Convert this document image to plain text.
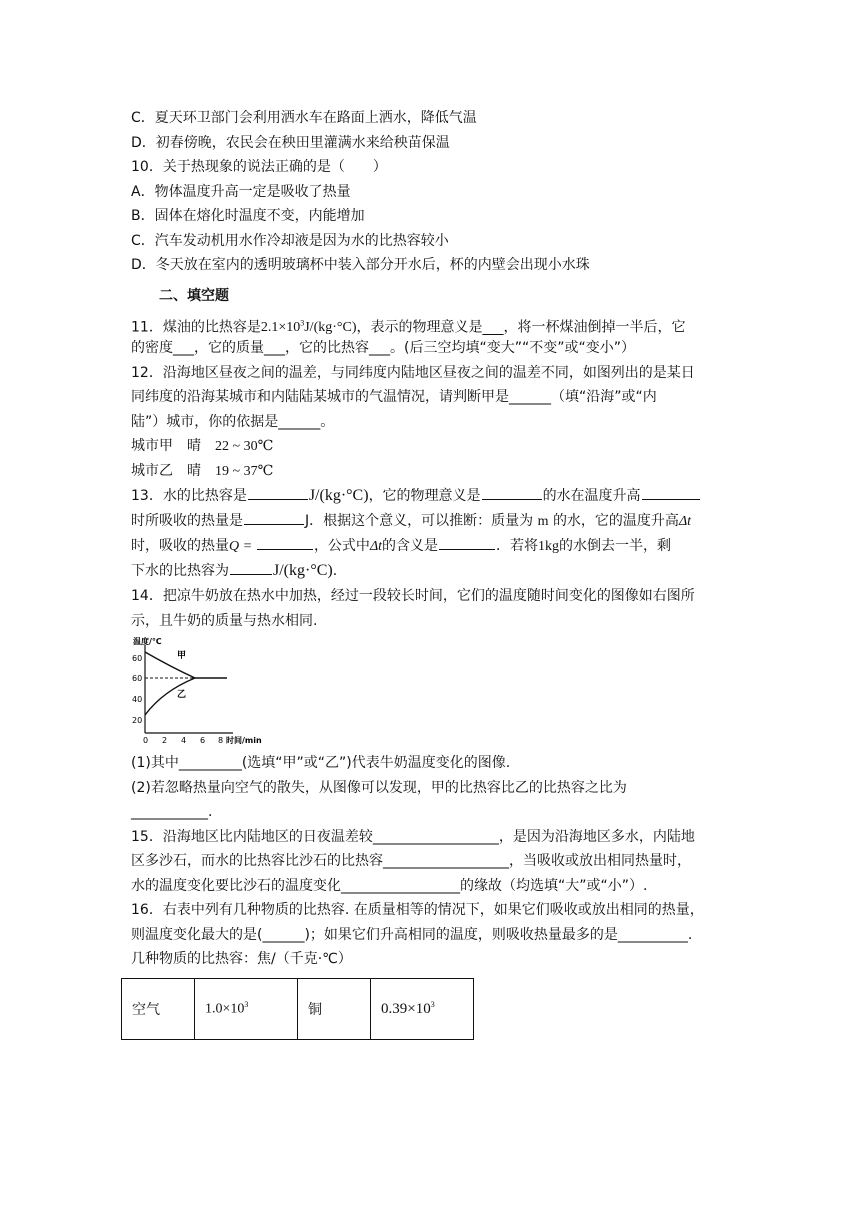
C．夏天环卫部门会利用洒水车在路面上洒水，降低气温
D．初春傍晚，农民会在秧田里灌满水来给秧苗保温
10．关于热现象的说法正确的是（　　）
A．物体温度升高一定是吸收了热量
B．固体在熔化时温度不变，内能增加
C．汽车发动机用水作冷却液是因为水的比热容较小
D．冬天放在室内的透明玻璃杯中装入部分开水后，杯的内壁会出现小水珠
二、填空题
11．煤油的比热容是$2.1\times 10^3J/(kg\cdot^\circ C)$，表示的物理意义是___，将一杯煤油倒掉一半后，它
的密度___，它的质量___，它的比热容___。(后三空均填“变大”“不变”或“变小”）
12．沿海地区昼夜之间的温差，与同纬度内陆地区昼夜之间的温差不同，如图列出的是某日
同纬度的沿海某城市和内陆陆某城市的气温情况，请判断甲是______（填“沿海”或“内
陆”）城市，你的依据是______。
城市甲　晴　22 ~ 30℃
城市乙　晴　19 ~ 37℃
13．水的比热容是	J/(kg·°C)，它的物理意义是	的水在温度升高
时所吸收的热量是	J．根据这个意义，可以推断：质量为 m 的水，它的温度升高Δt
时，吸收的热量Q =	，公式中Δt的含义是	．若将1kg的水倒去一半，剩
下水的比热容为	J/(kg·°C).
14．把凉牛奶放在热水中加热，经过一段较长时间，它们的温度随时间变化的图像如右图所
示，且牛奶的质量与热水相同.
温度/℃
60
60
40
20
甲
乙
0 2 4 6 8 时间/min
(1)其中_________(选填“甲”或“乙”)代表牛奶温度变化的图像.
(2)若忽略热量向空气的散失，从图像可以发现，甲的比热容比乙的比热容之比为
___________.
15．沿海地区比内陆地区的日夜温差较__________________，是因为沿海地区多水，内陆地
区多沙石，而水的比热容比沙石的比热容__________________，当吸收或放出相同热量时，
水的温度变化要比沙石的温度变化_________________的缘故（均选填“大”或“小”）.
16．右表中列有几种物质的比热容. 在质量相等的情况下，如果它们吸收或放出相同的热量，
则温度变化最大的是(______)；如果它们升高相同的温度，则吸收热量最多的是__________.
几种物质的比热容：焦/（千克·℃）
空气	$1.0\times 10^3$	铜	$0.39\times 10^3$
